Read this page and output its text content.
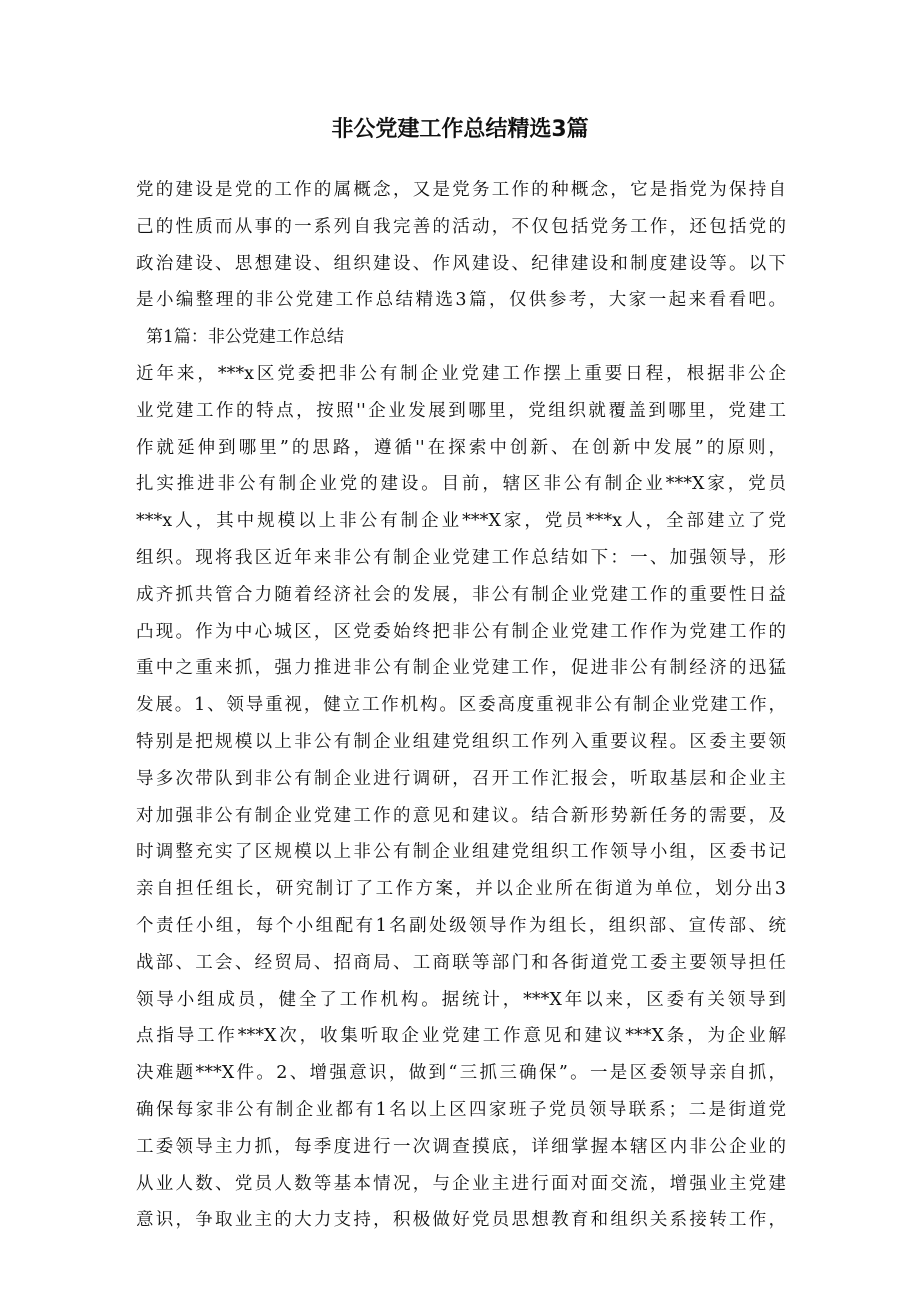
非公党建工作总结精选3篇
党的建设是党的工作的属概念，又是党务工作的种概念，它是指党为保持自
己的性质而从事的一系列自我完善的活动，不仅包括党务工作，还包括党的
政治建设、思想建设、组织建设、作风建设、纪律建设和制度建设等。以下
是小编整理的非公党建工作总结精选3篇，仅供参考，大家一起来看看吧。
第1篇：非公党建工作总结
近年来，***x区党委把非公有制企业党建工作摆上重要日程，根据非公企
业党建工作的特点，按照''企业发展到哪里，党组织就覆盖到哪里，党建工
作就延伸到哪里”的思路，遵循''在探索中创新、在创新中发展”的原则，
扎实推进非公有制企业党的建设。目前，辖区非公有制企业***X家，党员
***x人，其中规模以上非公有制企业***X家，党员***x人，全部建立了党
组织。现将我区近年来非公有制企业党建工作总结如下：一、加强领导，形
成齐抓共管合力随着经济社会的发展，非公有制企业党建工作的重要性日益
凸现。作为中心城区，区党委始终把非公有制企业党建工作作为党建工作的
重中之重来抓，强力推进非公有制企业党建工作，促进非公有制经济的迅猛
发展。1、领导重视，健立工作机构。区委高度重视非公有制企业党建工作，
特别是把规模以上非公有制企业组建党组织工作列入重要议程。区委主要领
导多次带队到非公有制企业进行调研，召开工作汇报会，听取基层和企业主
对加强非公有制企业党建工作的意见和建议。结合新形势新任务的需要，及
时调整充实了区规模以上非公有制企业组建党组织工作领导小组，区委书记
亲自担任组长，研究制订了工作方案，并以企业所在街道为单位，划分出3
个责任小组，每个小组配有1名副处级领导作为组长，组织部、宣传部、统
战部、工会、经贸局、招商局、工商联等部门和各街道党工委主要领导担任
领导小组成员，健全了工作机构。据统计，***X年以来，区委有关领导到
点指导工作***X次，收集听取企业党建工作意见和建议***X条，为企业解
决难题***X件。2、增强意识，做到“三抓三确保”。一是区委领导亲自抓，
确保每家非公有制企业都有1名以上区四家班子党员领导联系；二是街道党
工委领导主力抓，每季度进行一次调查摸底，详细掌握本辖区内非公企业的
从业人数、党员人数等基本情况，与企业主进行面对面交流，增强业主党建
意识，争取业主的大力支持，积极做好党员思想教育和组织关系接转工作，
